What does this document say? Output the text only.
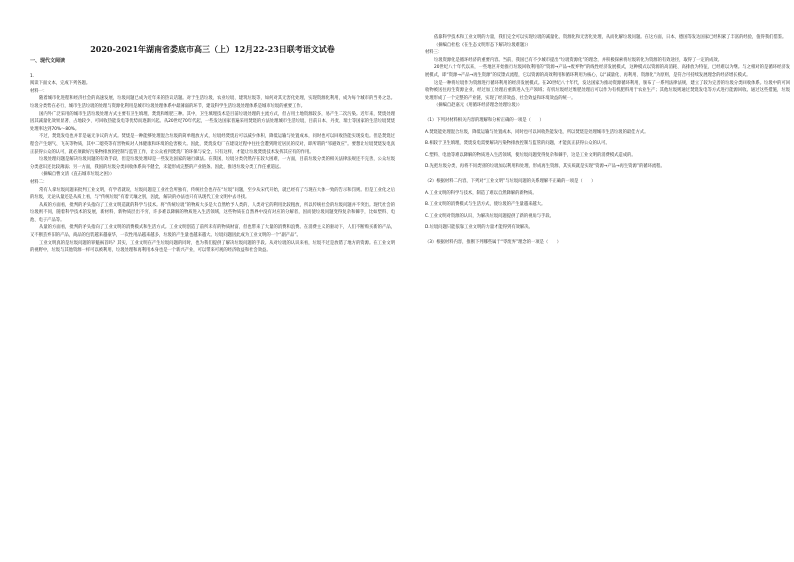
2020-2021年湖南省娄底市高三（上）12月22-23日联考语文试卷

一、现代文阅读

1.

阅读下面文本，完成下列各题。

材料一：

随着城市化进程和经济社会的高速发展，垃圾问题已成为近年来的热议话题。对于生活垃圾、农业垃圾、建筑垃圾等，如何对其无害化处理，实现资源化利用，成为每个城市的当务之急。垃圾分类势在必行，城市生活垃圾的处理与资源化利用是城市垃圾处理体系中最薄弱的环节，建设科学生活垃圾处理体系是城市垃圾的重要工作。

国内外广泛采用的城市生活垃圾处理方式主要有卫生填埋、焚烧和堆肥三种。其中，卫生填埋技术是目前垃圾处理的主流方式，但占用土地资源较多，易产生二次污染。近年来，焚烧处理因其减量化效果显著、占地较少、可回收热能发电等优势而逐渐兴起。从20世纪70年代起，一些发达国家普遍采用焚烧的方法处理城市生活垃圾，目前日本、丹麦、瑞士等国家的生活垃圾焚烧处理率达到70%～80%。

不过，焚烧发电也并非是毫无争议的方式。焚烧是一种能够处理混合垃圾的简单粗放方式，垃圾经焚烧后可以减少体积，降低运输与处置成本，同时也可以回收热能实现发电。但是焚烧过程会产生烟气、飞灰等物质，其中二噁英等有害物质对人体健康和环境的危害极大。因此，焚烧发电厂在建设过程中往往会遭到附近居民的反对，即所谓的“邻避效应”。要想让垃圾焚烧发电真正获得公众的认可，就必须做好污染物排放的控制与监管工作，让公众看到焚烧厂的环保与安全，只有这样，才能让垃圾焚烧技术发挥其应有的作用。

垃圾处理问题是解决垃圾问题的有效手段，但是垃圾处理却是一些发达国家的通行做法。在我国，垃圾分类仍然存在较大困难，一方面，目前垃圾分类的相关法律法规还不完善，公众垃圾分类意识还比较薄弱；另一方面，我国的垃圾分类回收体系尚不健全，未能形成完整的产业链条。因此，推进垃圾分类工作任重道远。

（摘编自曹文清《直击城市垃圾之困》）

材料二：

常有人拿垃圾问题来批判工业文明，有学者就说，垃圾问题是工业社会所独有，传统社会也存在“垃圾”问题，至少从宋代开始，就已经有了与现在大体一致的告示和罚则。但是工业化之后的垃圾，无论从量还是从质上看，与“传统垃圾”有着天壤之别，因此，解决的办法也只有从现代工业文明中去寻找。

从质的方面看，批判的矛头指向了工业文明造就的科学与技术。将“传统垃圾”的物质大多是大自然给予人类的，人类对它的利用比较粗放，所以传统社会的垃圾问题并不突出。现代社会的垃圾则不同，随着科学技术的发展，新材料、新物质层出不穷，许多难以降解的物质进入生活领域，这些物质在自然界中没有对应的分解者，因而使垃圾问题变得复杂和棘手，比如塑料、电池、电子产品等。

从量的方面看，批判的矛头指向了工业文明的消费模式和生活方式。工业文明创造了前所未有的物质财富，但也带来了大量的消费和浪费。在消费主义的驱动下，人们不断购买新的产品，又不断丢弃旧的产品，商品的包装越来越豪华，一次性用品越来越多，垃圾的产生量也越来越大。垃圾问题因此成为工业文明的一个“副产品”。

工业文明真的是垃圾问题的罪魁祸首吗？其实，工业文明在产生垃圾问题的同时，也为我们提供了解决垃圾问题的手段。从对垃圾的认识来看，垃圾不过是放错了地方的资源。在工业文明的视野中，垃圾与其他资源一样可以被利用，垃圾处理和再利用本身也是一个新兴产业，可以带来可观的经济收益和社会效益。

依靠科学技术和工业文明的力量，我们完全可以实现垃圾的减量化、资源化和无害化处理，从而化解垃圾问题。在这方面，日本、德国等发达国家已经积累了丰富的经验，值得我们借鉴。

（摘编自杜松《在生态文明形态下解决垃圾难题》）

材料三：

垃圾资源化是循环经济的重要内容。当前，我国已有不少城市提出“垃圾资源化”的理念，并积极探索将垃圾转化为资源的有效途径，取得了一定的成效。

20世纪八十年代以来，一些地区开始推行垃圾回收利用的“资源→产品→废弃物”的线性经济发展模式，这种模式以资源的高消耗、高排放为特征，已经难以为继。与之相对的是循环经济发展模式，即“资源→产品→再生资源”的反馈式流程，它以资源的高效利用和循环利用为核心，以“减量化、再利用、资源化”为原则，是符合可持续发展理念的经济增长模式。

这是一种将垃圾作为资源进行循环利用的经济发展模式。在20世纪八十年代，发达国家为推动资源循环利用，颁布了一系列法律法规，建立了较为完善的垃圾分类回收体系。垃圾中的可回收物被送往再生资源企业，经过加工处理后重新进入生产领域；有机垃圾经过堆肥处理后可以作为有机肥料用于农业生产；其他垃圾则通过焚烧发电等方式进行能源回收。通过这些措施，垃圾处理形成了一个完整的产业链，实现了经济效益、社会效益和环境效益的统一。

（摘编自赵嘉元《用循环经济理念处理垃圾》）

（1）下列对材料相关内容的理解和分析正确的一项是（　　）

A.焚烧能处理混合垃圾，降低运输与处置成本，同时也可以回收热能发电，所以焚烧是处理城市生活垃圾的最佳方式。

B.相较于卫生填埋，焚烧发电需要解决污染物排放控制与监管的问题，才能真正获得公众的认可。

C.塑料、电池等难以降解的物质进入生活领域，使垃圾问题变得复杂和棘手，这是工业文明的消费模式造成的。

D.先把垃圾分类，再将不同类别的垃圾加以利用和处理，形成再生资源，其实质就是实现“资源→产品→再生资源”的循环流程。

（2）根据材料二内容，下列对“工业文明”与垃圾问题的关系理解不正确的一项是（　　）

A.工业文明的科学与技术，制造了难以自然降解的新物质。

B.工业文明的消费模式与生活方式，使垃圾的产生量越来越大。

C.工业文明对资源的认识，为解决垃圾问题提供了新的视角与手段。

D.垃圾问题只能依靠工业文明的力量才能得到有效解决。

（3）根据材料内容，推断下列哪些属于“零废弃”理念的一项是（　　）
